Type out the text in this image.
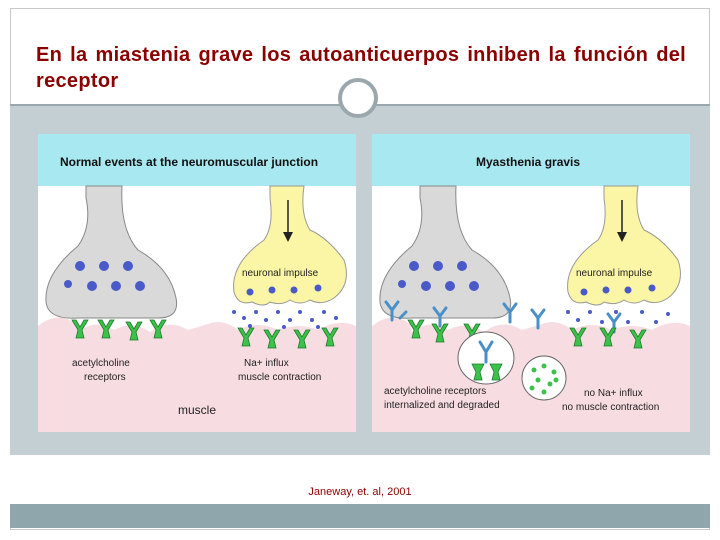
En la miastenia grave los autoanticuerpos inhiben la función del receptor
Normal events at the neuromuscular junction
neuronal impulse
acetylcholine
receptors
Na+ influx
muscle contraction
muscle
Myasthenia gravis
neuronal impulse
acetylcholine receptors
internalized and degraded
no Na+ influx
no muscle contraction
Janeway, et. al, 2001
